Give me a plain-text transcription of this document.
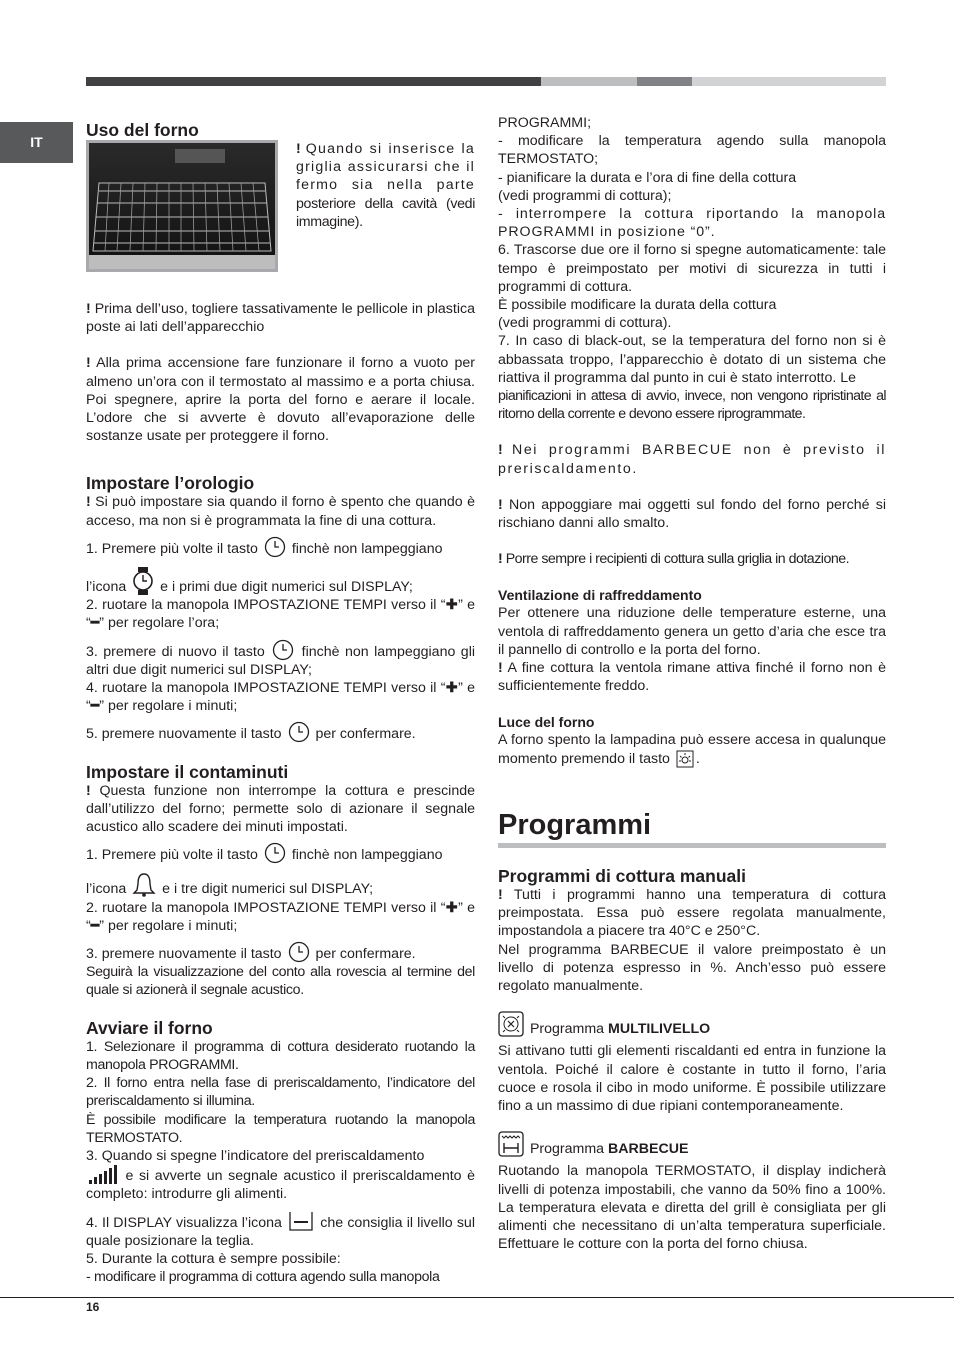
IT
Uso del forno
! Quando si inserisce la griglia assicurarsi che il fermo sia nella parte posteriore della cavità (vedi immagine).

! Prima dell’uso, togliere tassativamente le pellicole in plastica poste ai lati dell’apparecchio

! Alla prima accensione fare funzionare il forno a vuoto per almeno un’ora con il termostato al massimo e a porta chiusa. Poi spegnere, aprire la porta del forno e aerare il locale. L’odore che si avverte è dovuto all’evaporazione delle sostanze usate per proteggere il forno.

Impostare l’orologio

! Si può impostare sia quando il forno è spento che quando è acceso, ma non si è programmata la fine di una cottura.

1. Premere più volte il tasto finchè non lampeggiano

l’icona e i primi due digit numerici sul DISPLAY;

2. ruotare la manopola IMPOSTAZIONE TEMPI verso il “✚” e “━” per regolare l’ora;

3. premere di nuovo il tasto	finchè non lampeggiano gli altri due digit numerici sul DISPLAY;

4. ruotare la manopola IMPOSTAZIONE TEMPI verso il “✚” e “━” per regolare i minuti;

5. premere nuovamente il tasto per confermare.

Impostare il contaminuti

! Questa funzione non interrompe la cottura e prescinde dall’utilizzo del forno; permette solo di azionare il segnale acustico allo scadere dei minuti impostati.

1. Premere più volte il tasto finchè non lampeggiano

l’icona	e i tre digit numerici sul DISPLAY;

2. ruotare la manopola IMPOSTAZIONE TEMPI verso il “✚” e “━” per regolare i minuti;

3. premere nuovamente il tasto per confermare.

Seguirà la visualizzazione del conto alla rovescia al termine del quale si azionerà il segnale acustico.

Avviare il forno

1. Selezionare il programma di cottura desiderato ruotando la manopola PROGRAMMI.

2. Il forno entra nella fase di preriscaldamento, l’indicatore del preriscaldamento si illumina.

È possibile modificare la temperatura ruotando la manopola TERMOSTATO.

3. Quando si spegne l’indicatore del preriscaldamento

e si avverte un segnale acustico il preriscaldamento è completo: introdurre gli alimenti.

4. Il DISPLAY visualizza l’icona	che consiglia il livello sul quale posizionare la teglia.

5. Durante la cottura è sempre possibile:

- modificare il programma di cottura agendo sulla manopola

PROGRAMMI;

- modificare la temperatura agendo sulla manopola TERMOSTATO;

- pianificare la durata e l’ora di fine della cottura

(vedi programmi di cottura);

- interrompere la cottura riportando la manopola PROGRAMMI in posizione “0”.

6. Trascorse due ore il forno si spegne automaticamente: tale tempo è preimpostato per motivi di sicurezza in tutti i programmi di cottura.

È possibile modificare la durata della cottura

(vedi programmi di cottura).

7. In caso di black-out, se la temperatura del forno non si è abbassata troppo, l’apparecchio è dotato di un sistema che riattiva il programma dal punto in cui è stato interrotto. Le

pianificazioni in attesa di avvio, invece, non vengono ripristinate al ritorno della corrente e devono essere riprogrammate.

! Nei programmi BARBECUE non è previsto il preriscaldamento.

! Non appoggiare mai oggetti sul fondo del forno perché si rischiano danni allo smalto.

! Porre sempre i recipienti di cottura sulla griglia in dotazione.

Ventilazione di raffreddamento

Per ottenere una riduzione delle temperature esterne, una ventola di raffreddamento genera un getto d’aria che esce tra il pannello di controllo e la porta del forno.

! A fine cottura la ventola rimane attiva finché il forno non è sufficientemente freddo.

Luce del forno

A forno spento la lampadina può essere accesa in qualunque momento premendo il tasto .

Programmi
Programmi di cottura manuali

! Tutti i programmi hanno una temperatura di cottura preimpostata. Essa può essere regolata manualmente, impostandola a piacere tra 40°C e 250°C.

Nel programma BARBECUE il valore preimpostato è un livello di potenza espresso in %. Anch’esso può essere regolato manualmente.

Programma MULTILIVELLO

Si attivano tutti gli elementi riscaldanti ed entra in funzione la ventola. Poiché il calore è costante in tutto il forno, l’aria cuoce e rosola il cibo in modo uniforme. È possibile utilizzare fino a un massimo di due ripiani contemporaneamente.

Programma BARBECUE

Ruotando la manopola TERMOSTATO, il display indicherà livelli di potenza impostabili, che vanno da 50% fino a 100%. La temperatura elevata e diretta del grill è consigliata per gli alimenti che necessitano di un’alta temperatura superficiale. Effettuare le cotture con la porta del forno chiusa.

16
